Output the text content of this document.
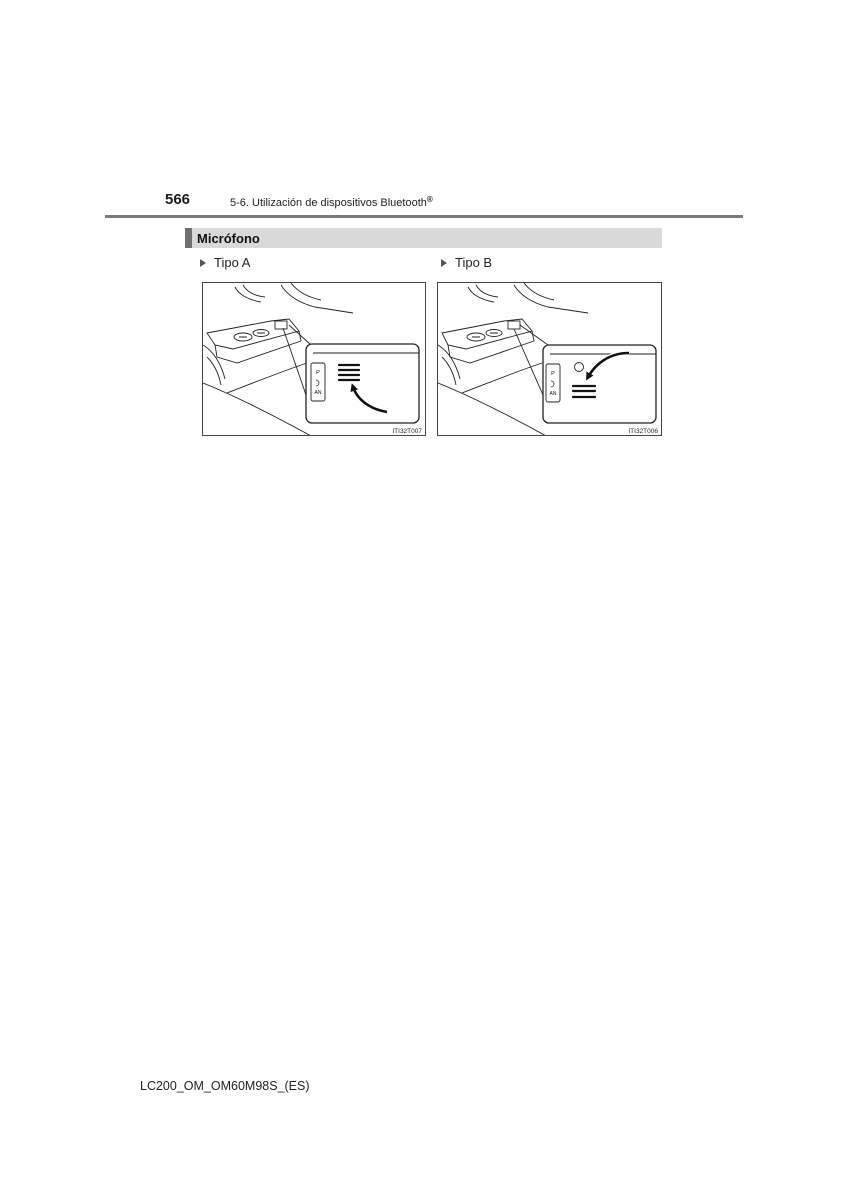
566	5-6. Utilización de dispositivos Bluetooth®
Micrófono
Tipo A
P
AN
ITI32T007
Tipo B
P
AN
ITI32T006
LC200_OM_OM60M98S_(ES)
